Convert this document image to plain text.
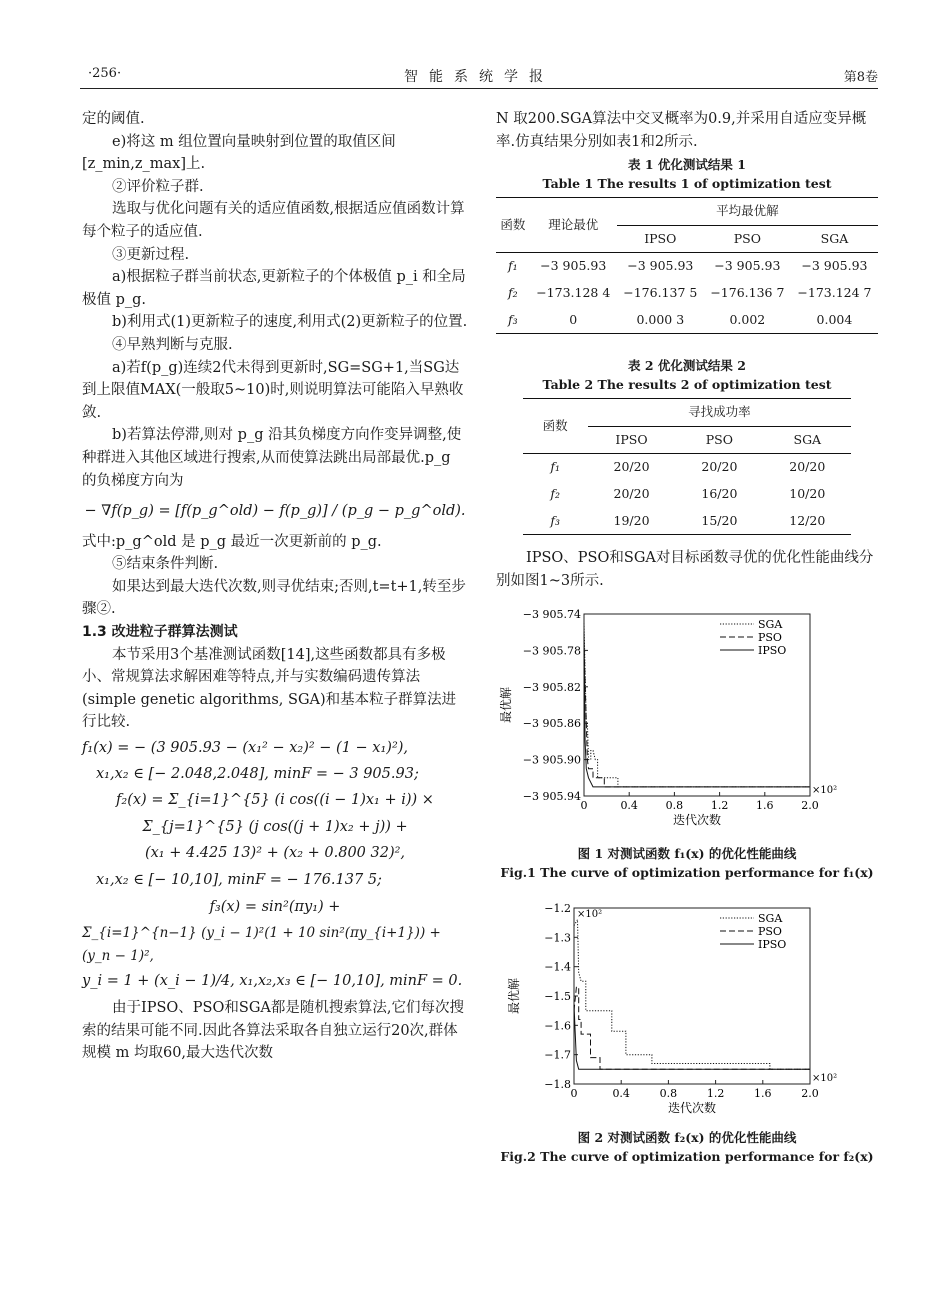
·256·	智能系统学报	第8卷

定的阈值.

e)将这 m 组位置向量映射到位置的取值区间[z_min,z_max]上.

②评价粒子群.

选取与优化问题有关的适应值函数,根据适应值函数计算每个粒子的适应值.

③更新过程.

a)根据粒子群当前状态,更新粒子的个体极值 p_i 和全局极值 p_g.

b)利用式(1)更新粒子的速度,利用式(2)更新粒子的位置.

④早熟判断与克服.

a)若f(p_g)连续2代未得到更新时,SG=SG+1,当SG达到上限值MAX(一般取5~10)时,则说明算法可能陷入早熟收敛.

b)若算法停滞,则对 p_g 沿其负梯度方向作变异调整,使种群进入其他区域进行搜索,从而使算法跳出局部最优.p_g 的负梯度方向为

− ∇f(p_g) = [f(p_g^old) − f(p_g)] / (p_g − p_g^old).

式中:p_g^old 是 p_g 最近一次更新前的 p_g.

⑤结束条件判断.

如果达到最大迭代次数,则寻优结束;否则,t=t+1,转至步骤②.

1.3 改进粒子群算法测试

本节采用3个基准测试函数[14],这些函数都具有多极小、常规算法求解困难等特点,并与实数编码遗传算法(simple genetic algorithms, SGA)和基本粒子群算法进行比较.

f₁(x) = − (3 905.93 − (x₁² − x₂)² − (1 − x₁)²),

x₁,x₂ ∈ [− 2.048,2.048], minF = − 3 905.93;

f₂(x) = Σ_{i=1}^{5} (i cos((i − 1)x₁ + i)) ×

Σ_{j=1}^{5} (j cos((j + 1)x₂ + j)) +

(x₁ + 4.425 13)² + (x₂ + 0.800 32)²,

x₁,x₂ ∈ [− 10,10], minF = − 176.137 5;

f₃(x) = sin²(πy₁) +

Σ_{i=1}^{n−1} (y_i − 1)²(1 + 10 sin²(πy_{i+1})) + (y_n − 1)²,

y_i = 1 + (x_i − 1)/4, x₁,x₂,x₃ ∈ [− 10,10], minF = 0.

由于IPSO、PSO和SGA都是随机搜索算法,它们每次搜索的结果可能不同.因此各算法采取各自独立运行20次,群体规模 m 均取60,最大迭代次数

N 取200.SGA算法中交叉概率为0.9,并采用自适应变异概率.仿真结果分别如表1和2所示.

表 1 优化测试结果 1

Table 1 The results 1 of optimization test

函数	理论最优	平均最优解		
		IPSO	PSO	SGA
f₁	−3 905.93	−3 905.93	−3 905.93	−3 905.93
f₂	−173.128 4	−176.137 5	−176.136 7	−173.124 7
f₃	0	0.000 3	0.002	0.004

表 2 优化测试结果 2

Table 2 The results 2 of optimization test

函数	寻找成功率		
	IPSO	PSO	SGA
f₁	20/20	20/20	20/20
f₂	20/20	16/20	10/20
f₃	19/20	15/20	12/20

IPSO、PSO和SGA对目标函数寻优的优化性能曲线分别如图1~3所示.

0	0.4	0.8	1.2	1.6	2.0
−3 905.74
−3 905.78
−3 905.82
−3 905.86
−3 905.90
−3 905.94	×10²
迭代次数
最优解
SGA
PSO
IPSO

图 1 对测试函数 f₁(x) 的优化性能曲线

Fig.1 The curve of optimization performance for f₁(x)

0	0.4	0.8	1.2	1.6	2.0
−1.2
−1.3
−1.4
−1.5
−1.6
−1.7
−1.8	×10²
×10²
迭代次数
最优解
SGA
PSO
IPSO

图 2 对测试函数 f₂(x) 的优化性能曲线

Fig.2 The curve of optimization performance for f₂(x)
